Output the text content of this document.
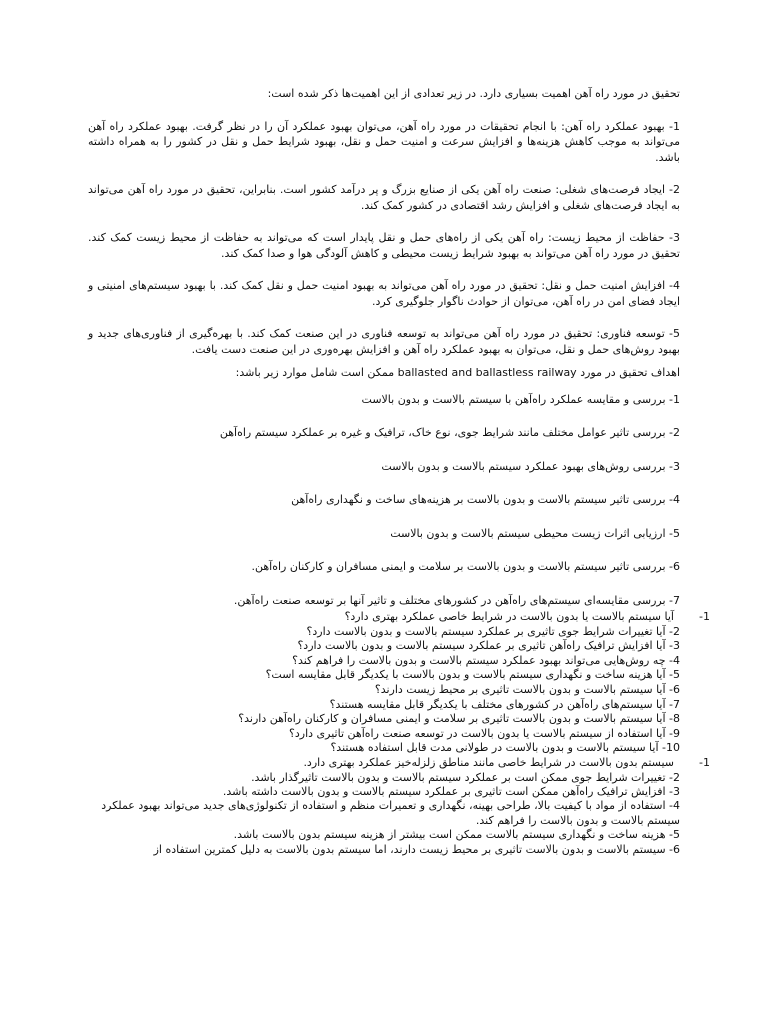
تحقیق در مورد راه آهن اهمیت بسیاری دارد. در زیر تعدادی از این اهمیت‌ها ذکر شده است:

1- بهبود عملکرد راه آهن: با انجام تحقیقات در مورد راه آهن، می‌توان بهبود عملکرد آن را در نظر گرفت. بهبود عملکرد راه آهن می‌تواند به موجب کاهش هزینه‌ها و افزایش سرعت و امنیت حمل و نقل، بهبود شرایط حمل و نقل در کشور را به همراه داشته باشد.

2- ایجاد فرصت‌های شغلی: صنعت راه آهن یکی از صنایع بزرگ و پر درآمد کشور است. بنابراین، تحقیق در مورد راه آهن می‌تواند به ایجاد فرصت‌های شغلی و افزایش رشد اقتصادی در کشور کمک کند.

3- حفاظت از محیط زیست: راه آهن یکی از راه‌های حمل و نقل پایدار است که می‌تواند به حفاظت از محیط زیست کمک کند. تحقیق در مورد راه آهن می‌تواند به بهبود شرایط زیست محیطی و کاهش آلودگی هوا و صدا کمک کند.

4- افزایش امنیت حمل و نقل: تحقیق در مورد راه آهن می‌تواند به بهبود امنیت حمل و نقل کمک کند. با بهبود سیستم‌های امنیتی و ایجاد فضای امن در راه آهن، می‌توان از حوادث ناگوار جلوگیری کرد.

5- توسعه فناوری: تحقیق در مورد راه آهن می‌تواند به توسعه فناوری در این صنعت کمک کند. با بهره‌گیری از فناوری‌های جدید و بهبود روش‌های حمل و نقل، می‌توان به بهبود عملکرد راه آهن و افزایش بهره‌وری در این صنعت دست یافت.

اهداف تحقیق در مورد ballasted and ballastless railway ممکن است شامل موارد زیر باشد:

1- بررسی و مقایسه عملکرد راه‌آهن با سیستم بالاست و بدون بالاست

2- بررسی تاثیر عوامل مختلف مانند شرایط جوی، نوع خاک، ترافیک و غیره بر عملکرد سیستم راه‌آهن

3- بررسی روش‌های بهبود عملکرد سیستم بالاست و بدون بالاست

4- بررسی تاثیر سیستم بالاست و بدون بالاست بر هزینه‌های ساخت و نگهداری راه‌آهن

5- ارزیابی اثرات زیست محیطی سیستم بالاست و بدون بالاست

6- بررسی تاثیر سیستم بالاست و بدون بالاست بر سلامت و ایمنی مسافران و کارکنان راه‌آهن.

7- بررسی مقایسه‌ای سیستم‌های راه‌آهن در کشورهای مختلف و تاثیر آنها بر توسعه صنعت راه‌آهن.

1-
آیا سیستم بالاست یا بدون بالاست در شرایط خاصی عملکرد بهتری دارد؟
2- آیا تغییرات شرایط جوی تاثیری بر عملکرد سیستم بالاست و بدون بالاست دارد؟
3- آیا افزایش ترافیک راه‌آهن تاثیری بر عملکرد سیستم بالاست و بدون بالاست دارد؟
4- چه روش‌هایی می‌تواند بهبود عملکرد سیستم بالاست و بدون بالاست را فراهم کند؟
5- آیا هزینه ساخت و نگهداری سیستم بالاست و بدون بالاست با یکدیگر قابل مقایسه است؟
6- آیا سیستم بالاست و بدون بالاست تاثیری بر محیط زیست دارند؟
7- آیا سیستم‌های راه‌آهن در کشورهای مختلف با یکدیگر قابل مقایسه هستند؟
8- آیا سیستم بالاست و بدون بالاست تاثیری بر سلامت و ایمنی مسافران و کارکنان راه‌آهن دارند؟
9- آیا استفاده از سیستم بالاست یا بدون بالاست در توسعه صنعت راه‌آهن تاثیری دارد؟
10- آیا سیستم بالاست و بدون بالاست در طولانی مدت قابل استفاده هستند؟
1-
سیستم بدون بالاست در شرایط خاصی مانند مناطق زلزله‌خیز عملکرد بهتری دارد.
2- تغییرات شرایط جوی ممکن است بر عملکرد سیستم بالاست و بدون بالاست تاثیرگذار باشد.
3- افزایش ترافیک راه‌آهن ممکن است تاثیری بر عملکرد سیستم بالاست و بدون بالاست داشته باشد.
4- استفاده از مواد با کیفیت بالا، طراحی بهینه، نگهداری و تعمیرات منظم و استفاده از تکنولوژی‌های جدید می‌تواند بهبود عملکرد سیستم بالاست و بدون بالاست را فراهم کند.
5- هزینه ساخت و نگهداری سیستم بالاست ممکن است بیشتر از هزینه سیستم بدون بالاست باشد.
6- سیستم بالاست و بدون بالاست تاثیری بر محیط زیست دارند، اما سیستم بدون بالاست به دلیل کمترین استفاده از
